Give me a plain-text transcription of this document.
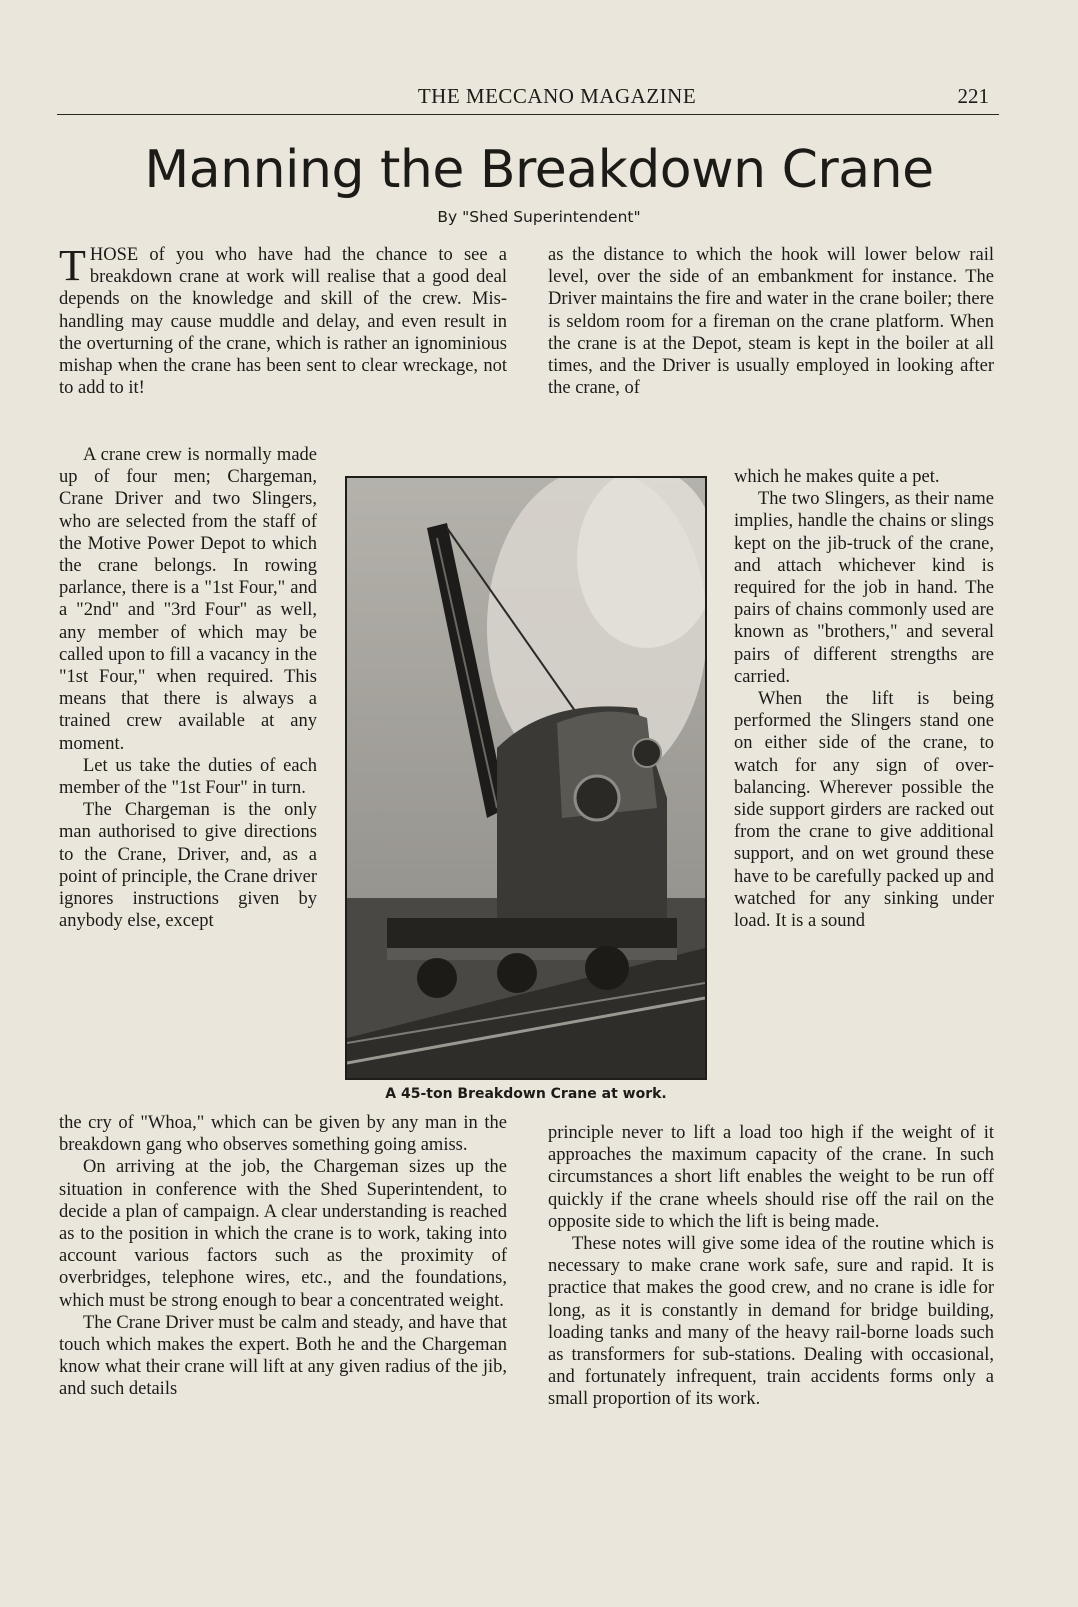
THE MECCANO MAGAZINE	221
Manning the Breakdown Crane
By "Shed Superintendent"

THOSE of you who have had the chance to see a breakdown crane at work will realise that a good deal depends on the knowledge and skill of the crew. Mis-handling may cause muddle and delay, and even result in the overturning of the crane, which is rather an ignominious mishap when the crane has been sent to clear wreckage, not to add to it!

A crane crew is normally made up of four men; Chargeman, Crane Driver and two Slingers, who are selected from the staff of the Motive Power Depot to which the crane belongs. In rowing parlance, there is a "1st Four," and a "2nd" and "3rd Four" as well, any member of which may be called upon to fill a vacancy in the "1st Four," when required. This means that there is always a trained crew available at any moment.

Let us take the duties of each member of the "1st Four" in turn.

The Chargeman is the only man authorised to give directions to the Crane, Driver, and, as a point of principle, the Crane driver ignores instructions given by anybody else, except

the cry of "Whoa," which can be given by any man in the breakdown gang who observes something going amiss.

On arriving at the job, the Chargeman sizes up the situation in conference with the Shed Superintendent, to decide a plan of campaign. A clear understanding is reached as to the position in which the crane is to work, taking into account various factors such as the proximity of overbridges, telephone wires, etc., and the foundations, which must be strong enough to bear a concentrated weight.

The Crane Driver must be calm and steady, and have that touch which makes the expert. Both he and the Chargeman know what their crane will lift at any given radius of the jib, and such details

as the distance to which the hook will lower below rail level, over the side of an embankment for instance. The Driver maintains the fire and water in the crane boiler; there is seldom room for a fireman on the crane platform. When the crane is at the Depot, steam is kept in the boiler at all times, and the Driver is usually employed in looking after the crane, of

which he makes quite a pet.

The two Slingers, as their name implies, handle the chains or slings kept on the jib-truck of the crane, and attach whichever kind is required for the job in hand. The pairs of chains commonly used are known as "brothers," and several pairs of different strengths are carried.

When the lift is being performed the Slingers stand one on either side of the crane, to watch for any sign of over-balancing. Wherever possible the side support girders are racked out from the crane to give additional support, and on wet ground these have to be carefully packed up and watched for any sinking under load. It is a sound

principle never to lift a load too high if the weight of it approaches the maximum capacity of the crane. In such circumstances a short lift enables the weight to be run off quickly if the crane wheels should rise off the rail on the opposite side to which the lift is being made.

These notes will give some idea of the routine which is necessary to make crane work safe, sure and rapid. It is practice that makes the good crew, and no crane is idle for long, as it is constantly in demand for bridge building, loading tanks and many of the heavy rail-borne loads such as transformers for sub-stations. Dealing with occasional, and fortunately infrequent, train accidents forms only a small proportion of its work.

A 45-ton Breakdown Crane at work.
